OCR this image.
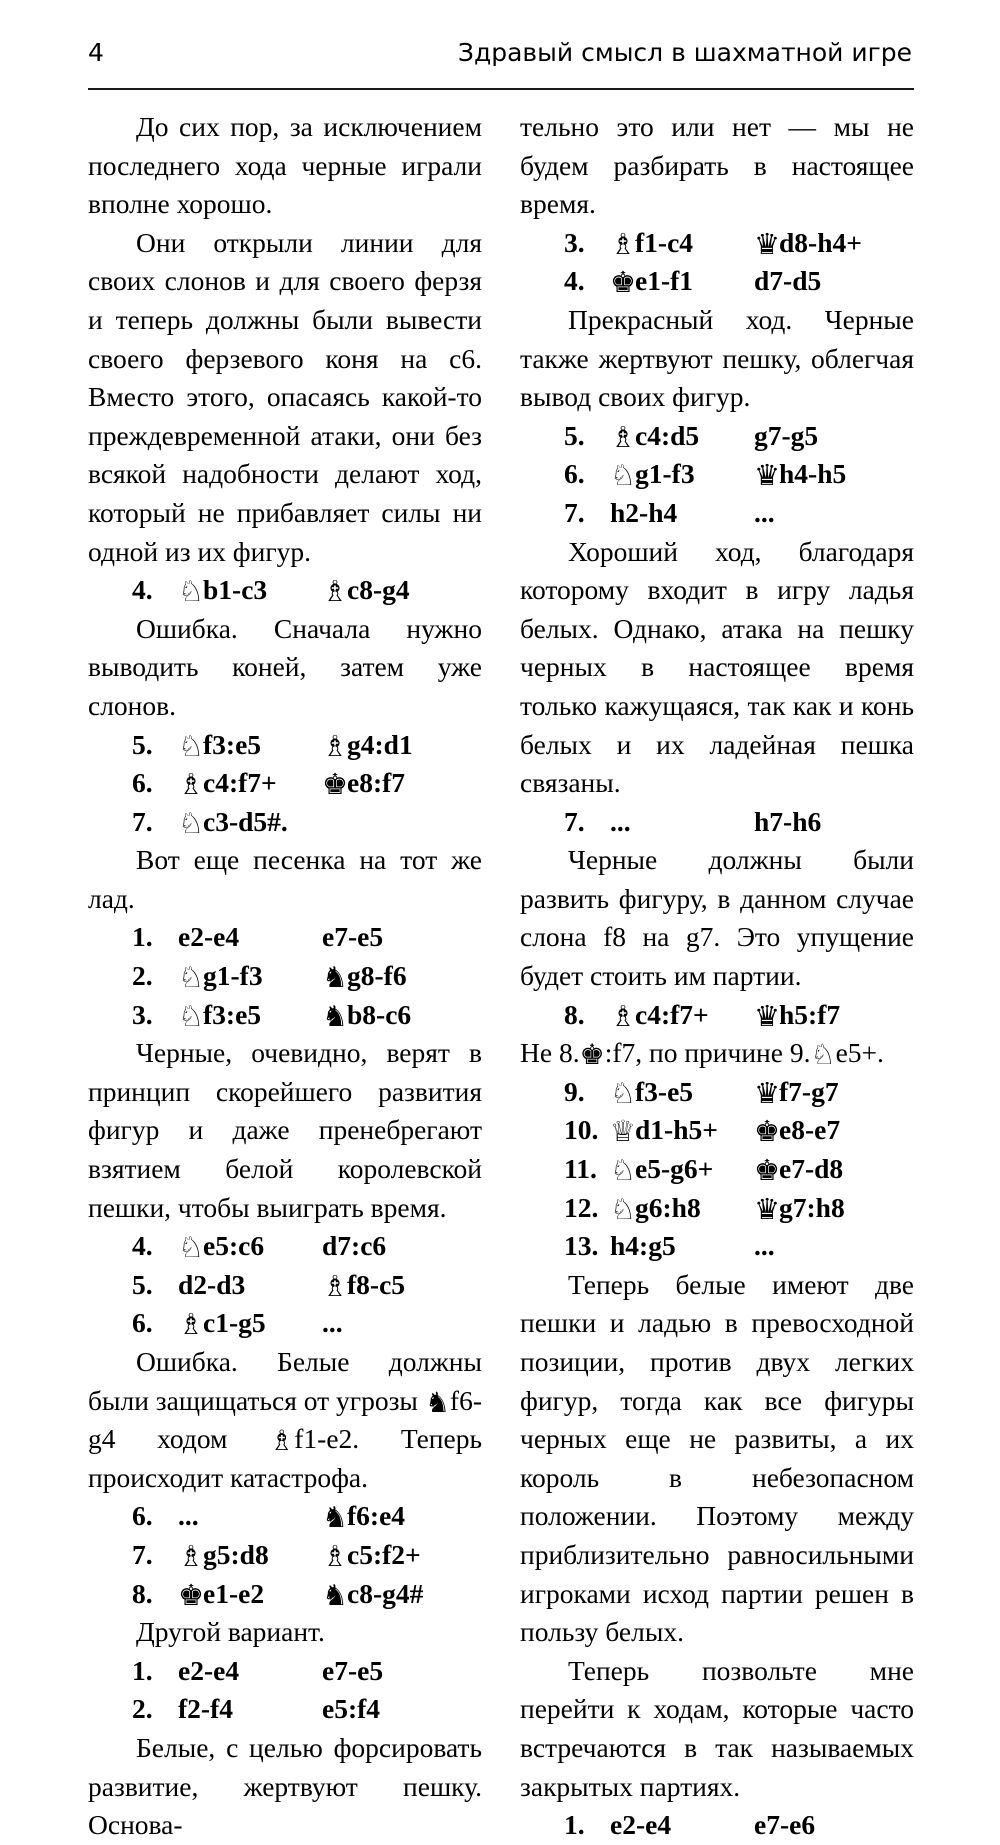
4	Здравый смысл в шахматной игре

До сих пор, за исключением последнего хода черные играли вполне хорошо.

Они открыли линии для своих слонов и для своего ферзя и теперь должны были вывести своего ферзевого коня на c6. Вместо этого, опасаясь какой-то преждевременной атаки, они без всякой надобности делают ход, который не прибавляет силы ни одной из их фигур.

4. ♘b1-c3 ♗c8-g4

Ошибка. Сначала нужно выводить коней, затем уже слонов.

5. ♘f3:e5 ♗g4:d1
6. ♗c4:f7+ ♚e8:f7
7. ♘c3-d5#.

Вот еще песенка на тот же лад.

1. e2-e4	e7-e5
2. ♘g1-f3 ♞g8-f6
3. ♘f3:e5 ♞b8-c6

Черные, очевидно, верят в принцип скорейшего развития фигур и даже пренебрегают взятием белой королевской пешки, чтобы выиграть время.

4. ♘e5:c6 d7:c6
5. d2-d3	♗f8-c5
6. ♗c1-g5 ...

Ошибка. Белые должны были защищаться от угрозы ♞f6-g4 ходом ♗f1-e2. Теперь происходит катастрофа.

6. ...	♞f6:e4
7. ♗g5:d8 ♗c5:f2+
8. ♚e1-e2 ♞c8-g4#

Другой вариант.

1. e2-e4	e7-e5
2. f2-f4	e5:f4

Белые, с целью форсировать развитие, жертвуют пешку. Основа-

тельно это или нет — мы не будем разбирать в настоящее время.

3. ♗f1-c4 ♛d8-h4+
4. ♚e1-f1 d7-d5

Прекрасный ход. Черные также жертвуют пешку, облегчая вывод своих фигур.

5. ♗c4:d5 g7-g5
6. ♘g1-f3 ♛h4-h5
7. h2-h4	...

Хороший ход, благодаря которому входит в игру ладья белых. Однако, атака на пешку черных в настоящее время только кажущаяся, так как и конь белых и их ладейная пешка связаны.

7. ...	h7-h6

Черные должны были развить фигуру, в данном случае слона f8 на g7. Это упущение будет стоить им партии.

8. ♗c4:f7+ ♛h5:f7

Не 8.♚:f7, по причине 9.♘e5+.

9. ♘f3-e5 ♛f7-g7
10. ♕d1-h5+ ♚e8-e7
11. ♘e5-g6+ ♚e7-d8
12. ♘g6:h8 ♛g7:h8
13. h4:g5	...

Теперь белые имеют две пешки и ладью в превосходной позиции, против двух легких фигур, тогда как все фигуры черных еще не развиты, а их король в небезопасном положении. Поэтому между приблизительно равносильными игроками исход партии решен в пользу белых.

Теперь позвольте мне перейти к ходам, которые часто встречаются в так называемых закрытых партиях.

1. e2-e4	e7-e6
